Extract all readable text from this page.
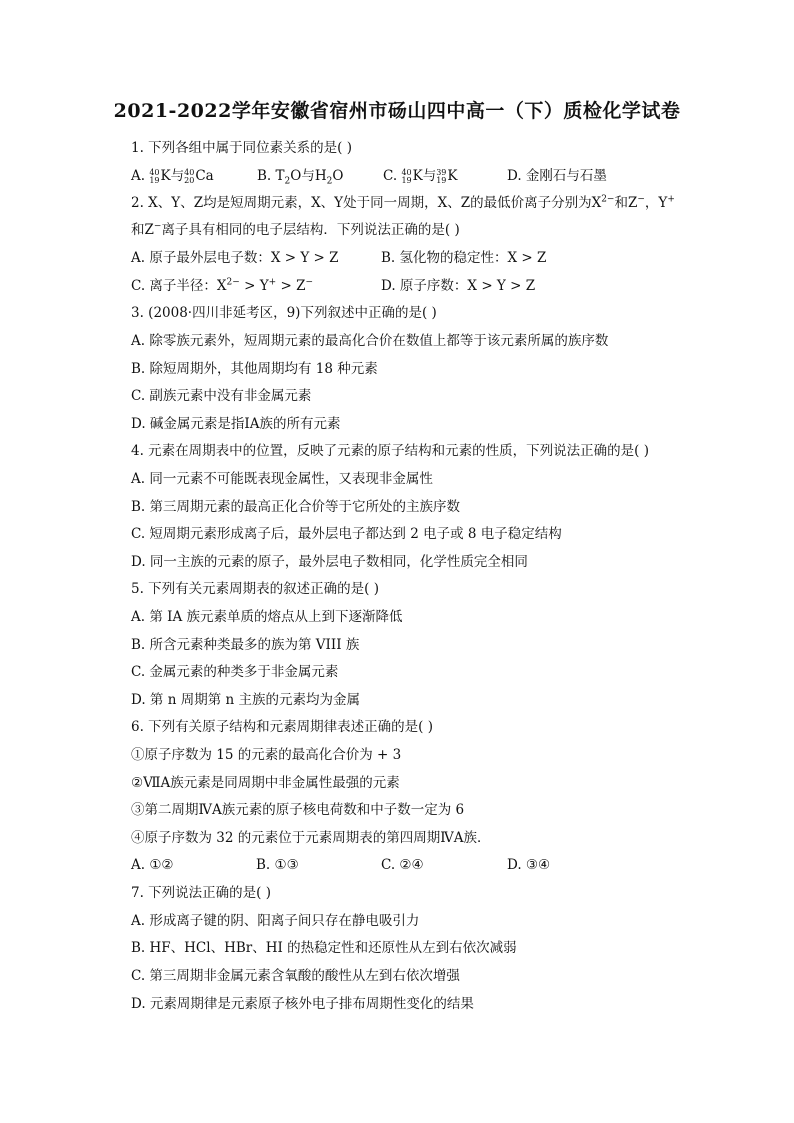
2021-2022学年安徽省宿州市砀山四中高一（下）质检化学试卷
1. 下列各组中属于同位素关系的是( )
A. 40
19 K与 40
20 Ca	B. $T_2O$与$H_2O$	C. 40
19 K与 39
19 K	D. 金刚石与石墨
2. X、Y、Z均是短周期元素，X、Y处于同一周期，X、Z的最低价离子分别为$X^{2-}$和Z−，Y+
和Z−离子具有相同的电子层结构．下列说法正确的是( )
A. 原子最外层电子数：X > Y > Z	B. 氢化物的稳定性：X > Z
C. 离子半径：$X^{2-} > Y^+ > Z^-$	D. 原子序数：X > Y > Z
3. (2008·四川非延考区，9)下列叙述中正确的是( )
A. 除零族元素外，短周期元素的最高化合价在数值上都等于该元素所属的族序数
B. 除短周期外，其他周期均有 18 种元素
C. 副族元素中没有非金属元素
D. 碱金属元素是指ⅠA族的所有元素
4. 元素在周期表中的位置，反映了元素的原子结构和元素的性质，下列说法正确的是( )
A. 同一元素不可能既表现金属性，又表现非金属性
B. 第三周期元素的最高正化合价等于它所处的主族序数
C. 短周期元素形成离子后，最外层电子都达到 2 电子或 8 电子稳定结构
D. 同一主族的元素的原子，最外层电子数相同，化学性质完全相同
5. 下列有关元素周期表的叙述正确的是( )
A. 第 IA 族元素单质的熔点从上到下逐渐降低
B. 所含元素种类最多的族为第 VIII 族
C. 金属元素的种类多于非金属元素
D. 第 n 周期第 n 主族的元素均为金属
6. 下列有关原子结构和元素周期律表述正确的是( )
①原子序数为 15 的元素的最高化合价为 + 3
②ⅦA族元素是同周期中非金属性最强的元素
③第二周期ⅣA族元素的原子核电荷数和中子数一定为 6
④原子序数为 32 的元素位于元素周期表的第四周期ⅣA族．
A. ①②	B. ①③	C. ②④	D. ③④
7. 下列说法正确的是( )
A. 形成离子键的阴、阳离子间只存在静电吸引力
B. HF、HCl、HBr、HI 的热稳定性和还原性从左到右依次减弱
C. 第三周期非金属元素含氧酸的酸性从左到右依次增强
D. 元素周期律是元素原子核外电子排布周期性变化的结果
